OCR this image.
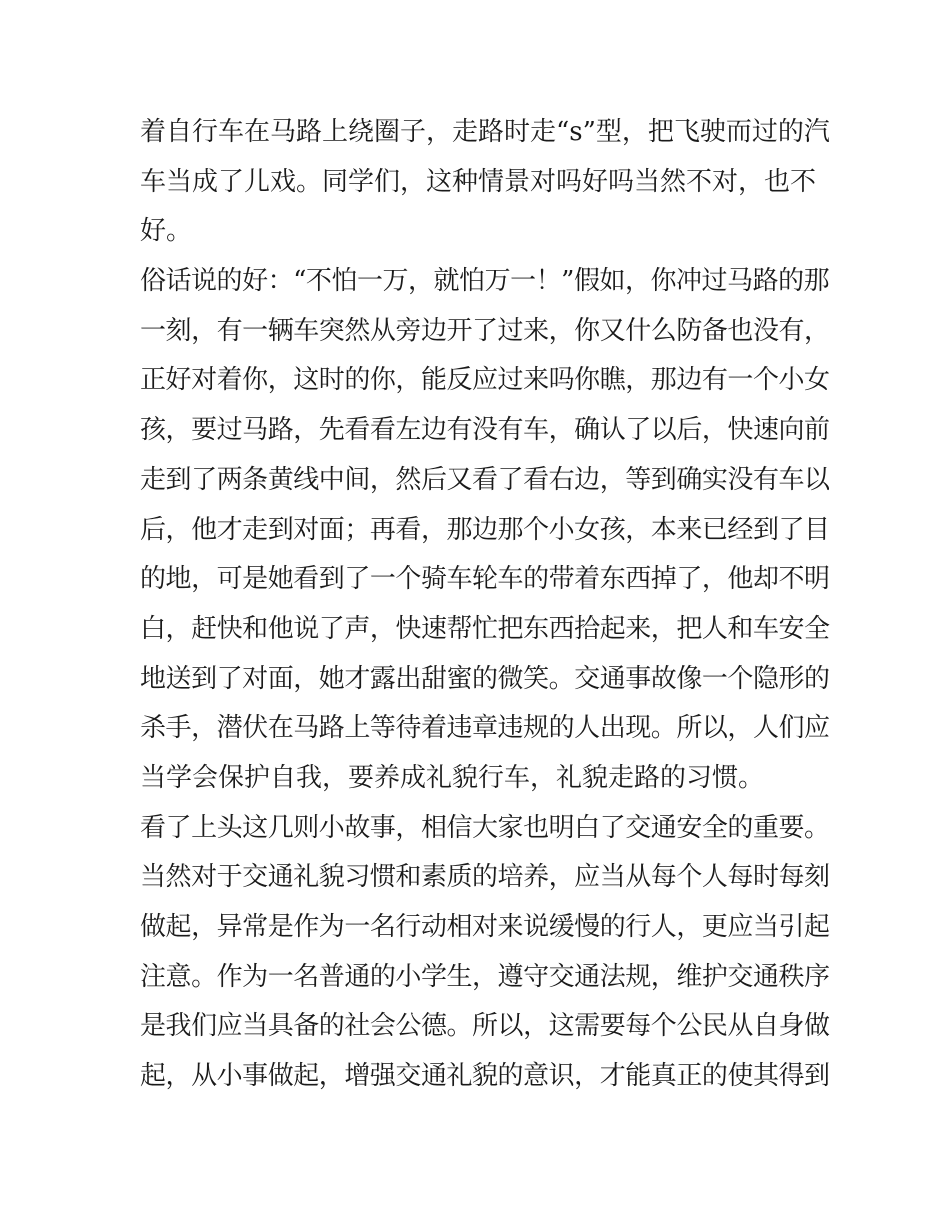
着自行车在马路上绕圈子，走路时走“s”型，把飞驶而过的汽
车当成了儿戏。同学们，这种情景对吗好吗当然不对，也不
好。
俗话说的好：“不怕一万，就怕万一！”假如，你冲过马路的那
一刻，有一辆车突然从旁边开了过来，你又什么防备也没有，
正好对着你，这时的你，能反应过来吗你瞧，那边有一个小女
孩，要过马路，先看看左边有没有车，确认了以后，快速向前
走到了两条黄线中间，然后又看了看右边，等到确实没有车以
后，他才走到对面；再看，那边那个小女孩，本来已经到了目
的地，可是她看到了一个骑车轮车的带着东西掉了，他却不明
白，赶快和他说了声，快速帮忙把东西拾起来，把人和车安全
地送到了对面，她才露出甜蜜的微笑。交通事故像一个隐形的
杀手，潜伏在马路上等待着违章违规的人出现。所以，人们应
当学会保护自我，要养成礼貌行车，礼貌走路的习惯。
看了上头这几则小故事，相信大家也明白了交通安全的重要。
当然对于交通礼貌习惯和素质的培养，应当从每个人每时每刻
做起，异常是作为一名行动相对来说缓慢的行人，更应当引起
注意。作为一名普通的小学生，遵守交通法规，维护交通秩序
是我们应当具备的社会公德。所以，这需要每个公民从自身做
起，从小事做起，增强交通礼貌的意识，才能真正的使其得到
